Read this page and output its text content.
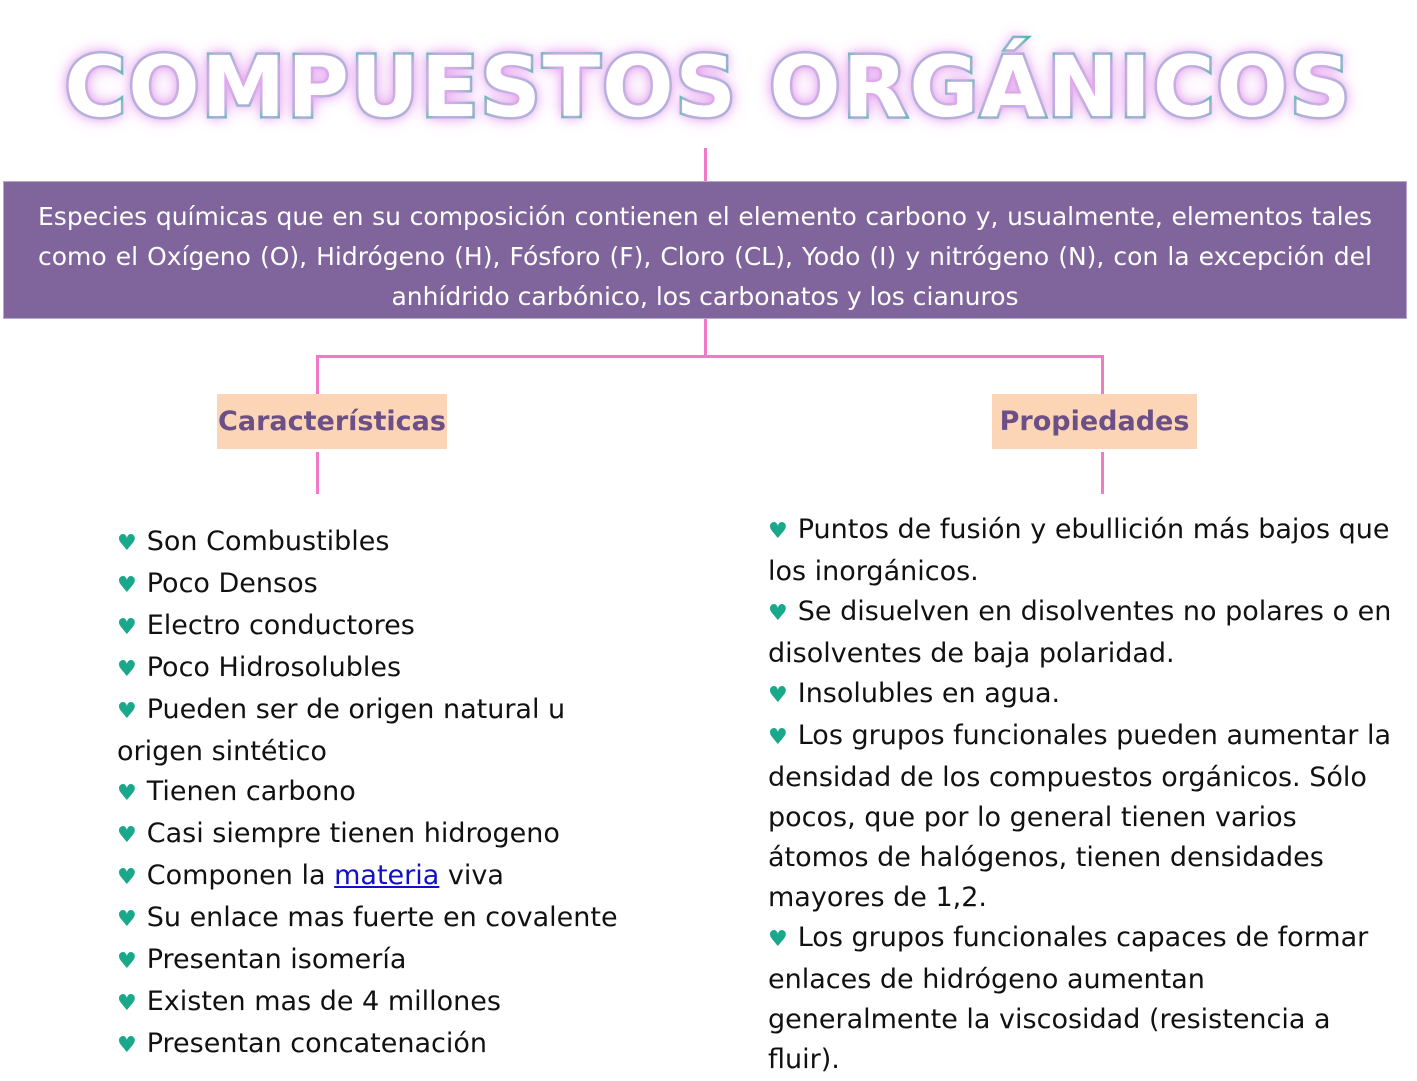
COMPUESTOS ORGÁNICOS
Especies químicas que en su composición contienen el elemento carbono y, usualmente, elementos tales como el Oxígeno (O), Hidrógeno (H), Fósforo (F), Cloro (CL), Yodo (I) y nitrógeno (N), con la excepción del anhídrido carbónico, los carbonatos y los cianuros
Características	Propiedades
♥ Son Combustibles
♥ Poco Densos
♥ Electro conductores
♥ Poco Hidrosolubles
♥ Pueden ser de origen natural u origen sintético
♥ Tienen carbono
♥ Casi siempre tienen hidrogeno
♥ Componen la materia viva
♥ Su enlace mas fuerte en covalente
♥ Presentan isomería
♥ Existen mas de 4 millones
♥ Presentan concatenación
♥ Puntos de fusión y ebullición más bajos que los inorgánicos.
♥ Se disuelven en disolventes no polares o en disolventes de baja polaridad.
♥ Insolubles en agua.
♥ Los grupos funcionales pueden aumentar la densidad de los compuestos orgánicos. Sólo pocos, que por lo general tienen varios átomos de halógenos, tienen densidades mayores de 1,2.
♥ Los grupos funcionales capaces de formar enlaces de hidrógeno aumentan generalmente la viscosidad (resistencia a fluir).
